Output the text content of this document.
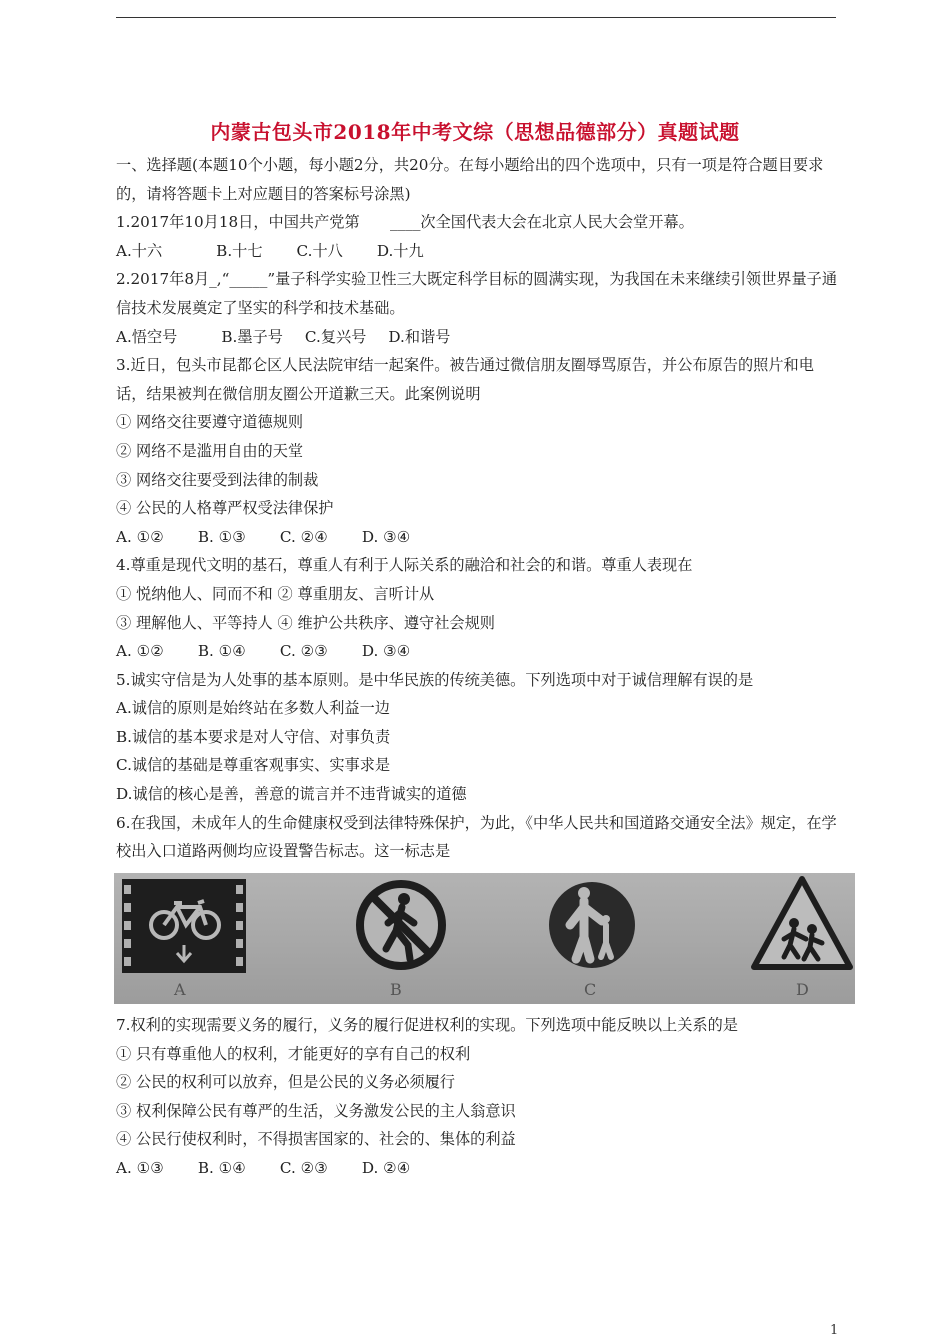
内蒙古包头市2018年中考文综（思想品德部分）真题试题

一、选择题(本题10个小题，每小题2分，共20分。在每小题给出的四个选项中，只有一项是符合题目要求的，请将答题卡上对应题目的答案标号涂黑)

1.2017年10月18日，中国共产党第　　____次全国代表大会在北京人民大会堂开幕。

A.十六	B.十七 C.十八 D.十九

2.2017年8月_,“_____”量子科学实验卫性三大既定科学目标的圆满实现，为我国在未来继续引领世界量子通信技术发展奠定了坚实的科学和技术基础。

A.悟空号	B.墨子号 C.复兴号 D.和谐号

3.近日，包头市昆都仑区人民法院审结一起案件。被告通过微信朋友圈辱骂原告，并公布原告的照片和电话，结果被判在微信朋友圈公开道歉三天。此案例说明

① 网络交往要遵守道德规则

② 网络不是滥用自由的天堂

③ 网络交往要受到法律的制裁

④ 公民的人格尊严权受法律保护

A. ①② B. ①③ C. ②④ D. ③④

4.尊重是现代文明的基石，尊重人有利于人际关系的融洽和社会的和谐。尊重人表现在

① 悦纳他人、同而不和 ② 尊重朋友、言听计从

③ 理解他人、平等持人 ④ 维护公共秩序、遵守社会规则

A. ①② B. ①④ C. ②③ D. ③④

5.诚实守信是为人处事的基本原则。是中华民族的传统美德。下列选项中对于诚信理解有误的是

A.诚信的原则是始终站在多数人利益一边

B.诚信的基本要求是对人守信、对事负责

C.诚信的基础是尊重客观事实、实事求是

D.诚信的核心是善，善意的谎言并不违背诚实的道德

6.在我国，未成年人的生命健康权受到法律特殊保护，为此，《中华人民共和国道路交通安全法》规定，在学校出入口道路两侧均应设置警告标志。这一标志是

A	B	C	D

7.权利的实现需要义务的履行，义务的履行促进权利的实现。下列选项中能反映以上关系的是

① 只有尊重他人的权利，才能更好的享有自己的权利

② 公民的权利可以放弃，但是公民的义务必须履行

③ 权利保障公民有尊严的生活，义务激发公民的主人翁意识

④ 公民行使权利时，不得损害国家的、社会的、集体的利益

A. ①③ B. ①④ C. ②③ D. ②④

1
